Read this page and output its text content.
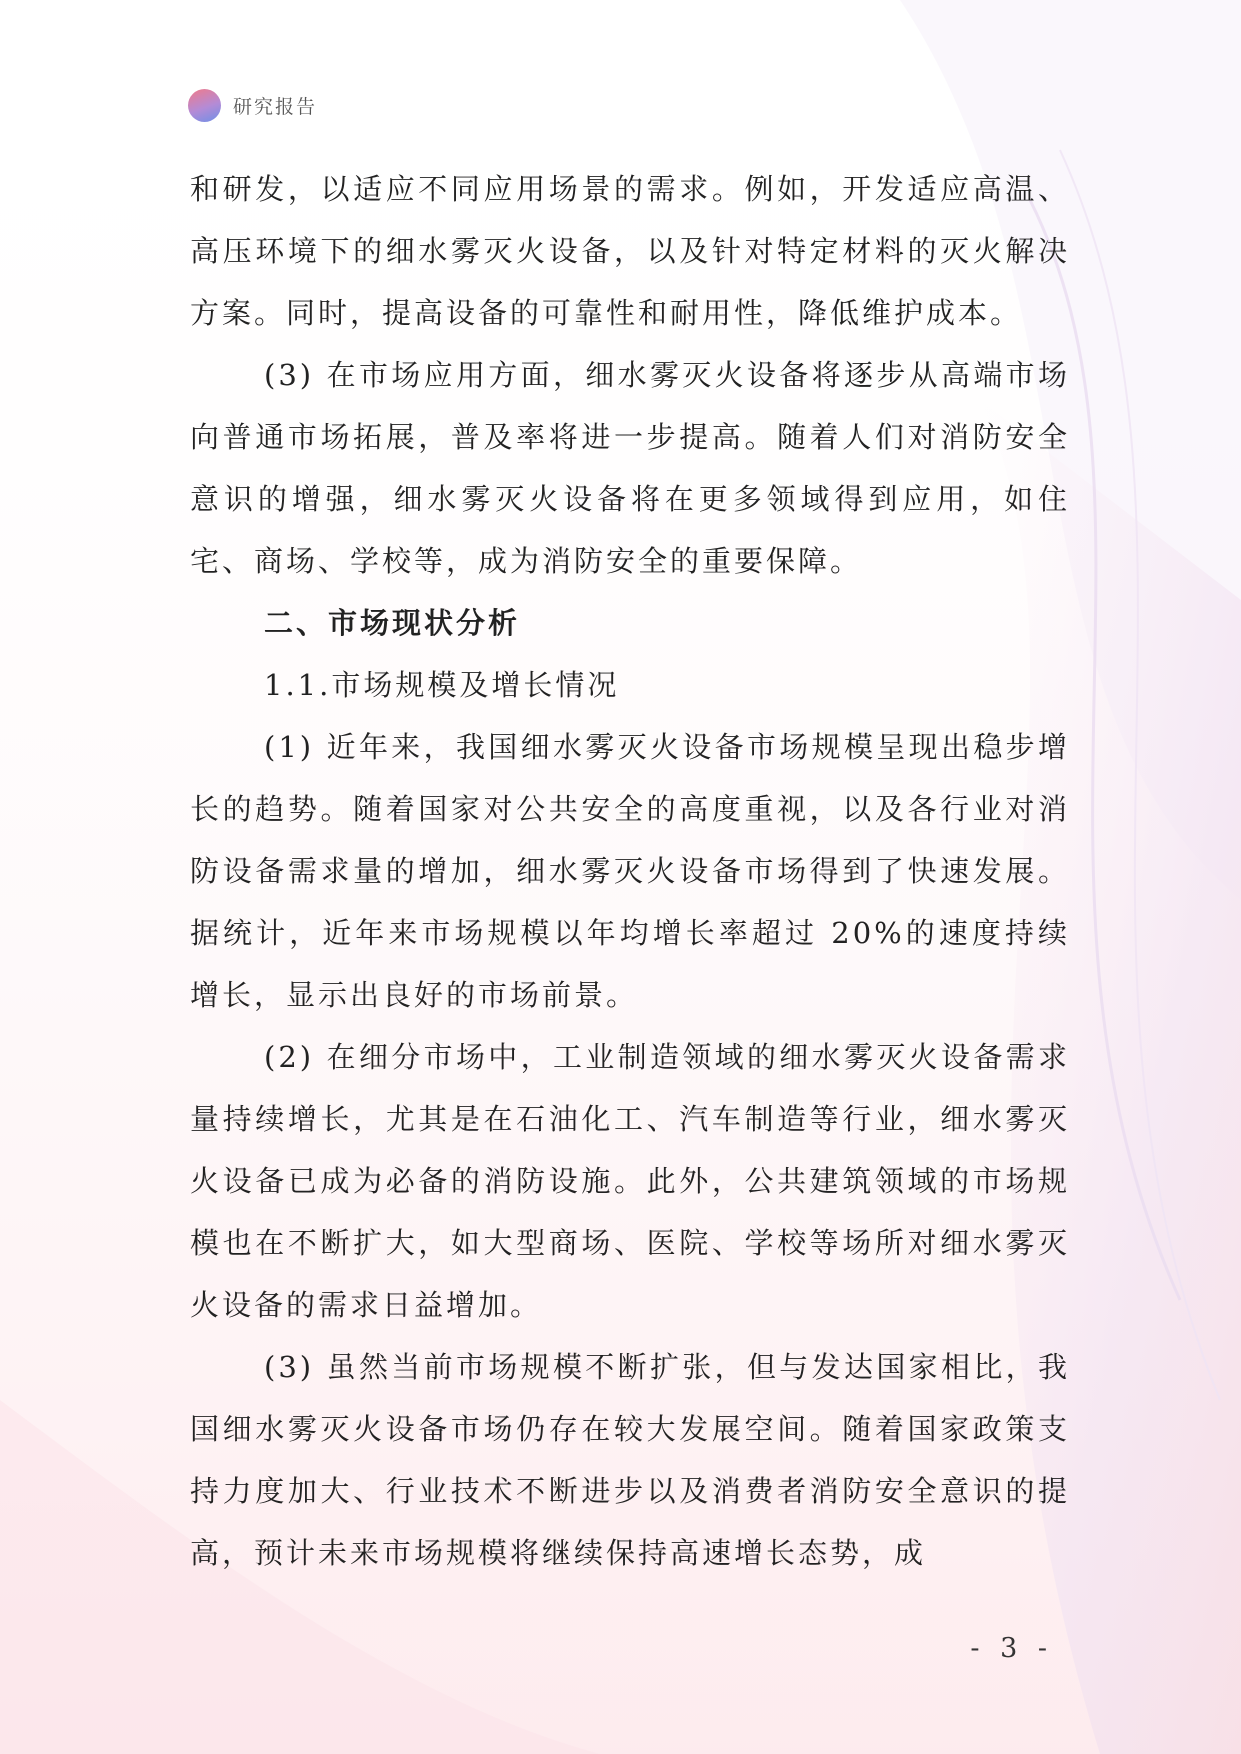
研究报告

和研发，以适应不同应用场景的需求。例如，开发适应高温、高压环境下的细水雾灭火设备，以及针对特定材料的灭火解决方案。同时，提高设备的可靠性和耐用性，降低维护成本。

(3) 在市场应用方面，细水雾灭火设备将逐步从高端市场向普通市场拓展，普及率将进一步提高。随着人们对消防安全意识的增强，细水雾灭火设备将在更多领域得到应用，如住宅、商场、学校等，成为消防安全的重要保障。

二、市场现状分析

1.1.市场规模及增长情况

(1) 近年来，我国细水雾灭火设备市场规模呈现出稳步增长的趋势。随着国家对公共安全的高度重视，以及各行业对消防设备需求量的增加，细水雾灭火设备市场得到了快速发展。据统计，近年来市场规模以年均增长率超过 20%的速度持续增长，显示出良好的市场前景。

(2) 在细分市场中，工业制造领域的细水雾灭火设备需求量持续增长，尤其是在石油化工、汽车制造等行业，细水雾灭火设备已成为必备的消防设施。此外，公共建筑领域的市场规模也在不断扩大，如大型商场、医院、学校等场所对细水雾灭火设备的需求日益增加。

(3) 虽然当前市场规模不断扩张，但与发达国家相比，我国细水雾灭火设备市场仍存在较大发展空间。随着国家政策支持力度加大、行业技术不断进步以及消费者消防安全意识的提高，预计未来市场规模将继续保持高速增长态势，成

- 3 -
